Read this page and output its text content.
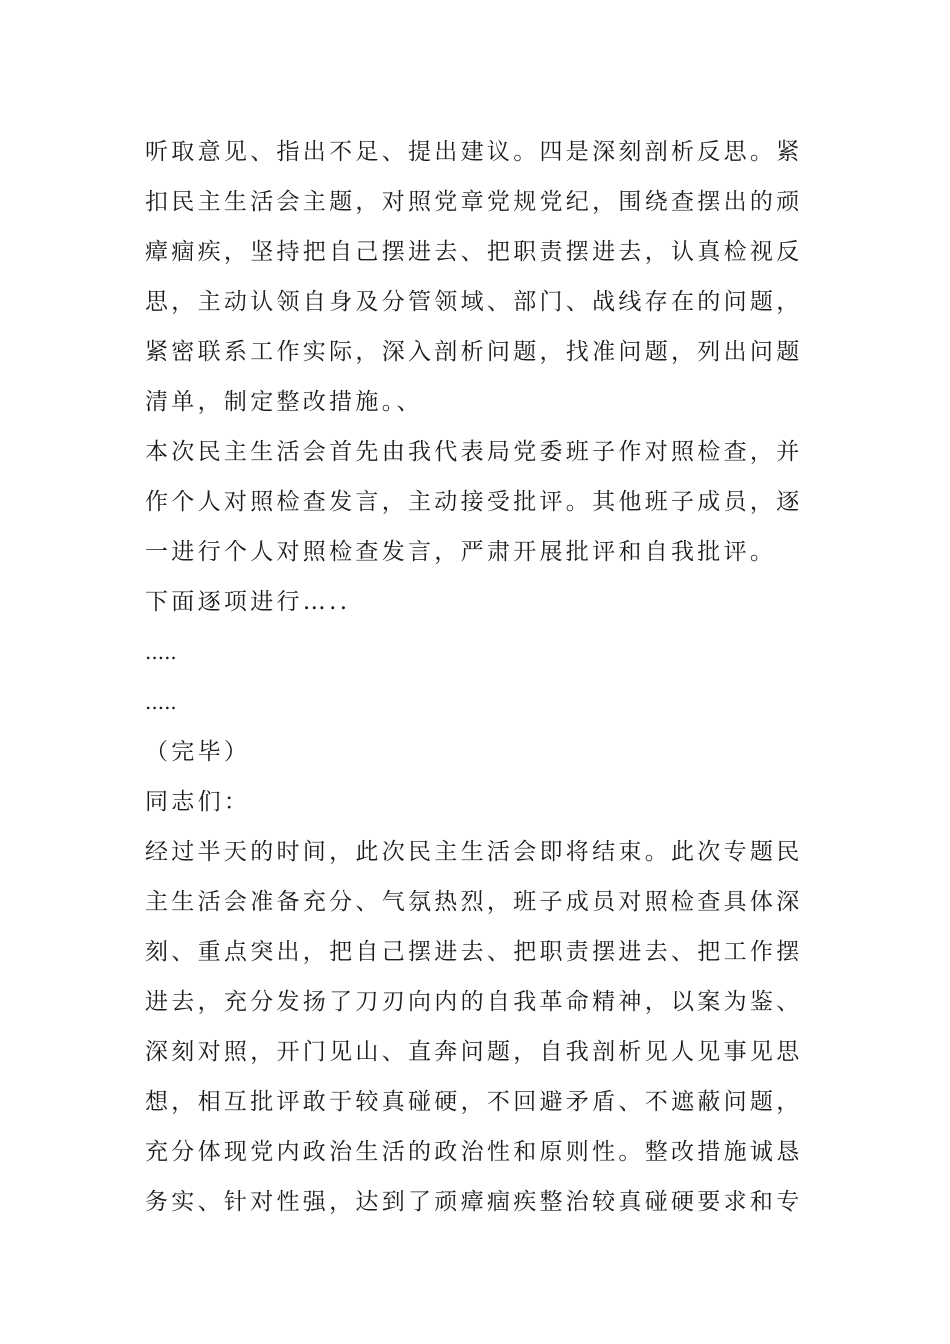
听取意见、指出不足、提出建议。四是深刻剖析反思。紧
扣民主生活会主题，对照党章党规党纪，围绕查摆出的顽
瘴痼疾，坚持把自己摆进去、把职责摆进去，认真检视反
思，主动认领自身及分管领域、部门、战线存在的问题，
紧密联系工作实际，深入剖析问题，找准问题，列出问题
清单，制定整改措施。、
本次民主生活会首先由我代表局党委班子作对照检查，并
作个人对照检查发言，主动接受批评。其他班子成员，逐
一进行个人对照检查发言，严肃开展批评和自我批评。
下面逐项进行…..
.....
.....
（完毕）
同志们：
经过半天的时间，此次民主生活会即将结束。此次专题民
主生活会准备充分、气氛热烈，班子成员对照检查具体深
刻、重点突出，把自己摆进去、把职责摆进去、把工作摆
进去，充分发扬了刀刃向内的自我革命精神，以案为鉴、
深刻对照，开门见山、直奔问题，自我剖析见人见事见思
想，相互批评敢于较真碰硬，不回避矛盾、不遮蔽问题，
充分体现党内政治生活的政治性和原则性。整改措施诚恳
务实、针对性强，达到了顽瘴痼疾整治较真碰硬要求和专
